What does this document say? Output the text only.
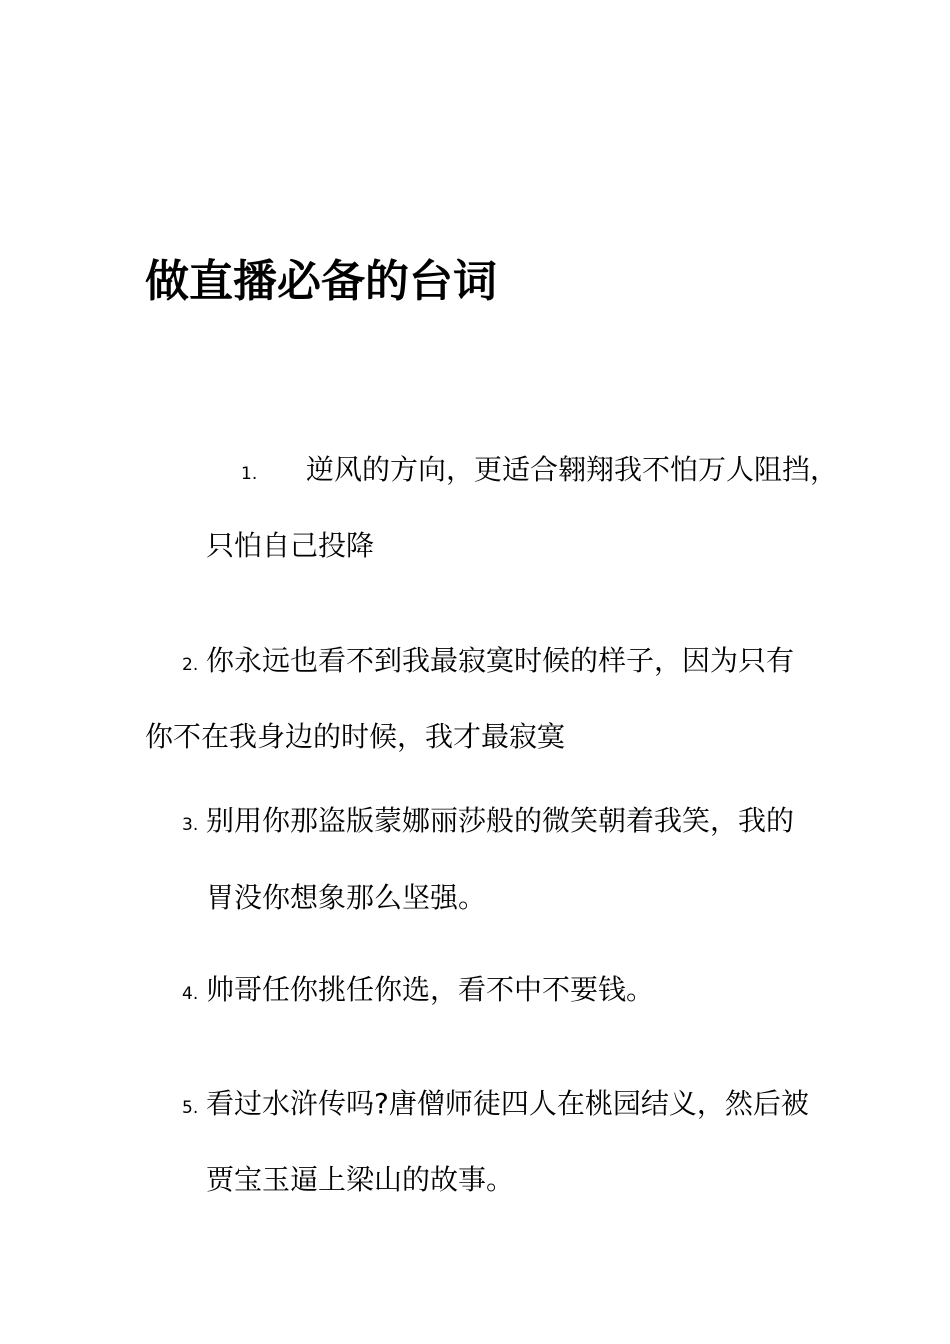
做直播必备的台词
1. 逆风的方向，更适合翱翔我不怕万人阻挡，
只怕自己投降
2. 你永远也看不到我最寂寞时候的样子，因为只有
你不在我身边的时候，我才最寂寞
3. 别用你那盗版蒙娜丽莎般的微笑朝着我笑，我的
胃没你想象那么坚强。
4. 帅哥任你挑任你选，看不中不要钱。
5. 看过水浒传吗?唐僧师徒四人在桃园结义，然后被
贾宝玉逼上梁山的故事。
